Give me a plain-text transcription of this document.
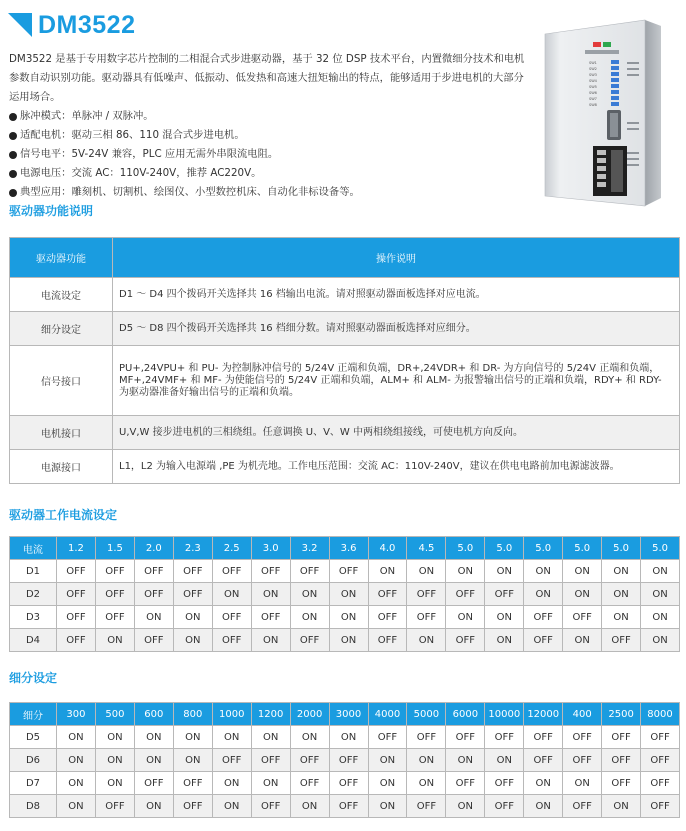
DM3522

DM3522 是基于专用数字芯片控制的二相混合式步进驱动器，基于 32 位 DSP 技术平台，内置微细分技术和电机参数自动识别功能。驱动器具有低噪声、低振动、低发热和高速大扭矩输出的特点，能够适用于步进电机的大部分运用场合。

脉冲模式：单脉冲 / 双脉冲。
适配电机：驱动三相 86、110 混合式步进电机。
信号电平：5V-24V 兼容，PLC 应用无需外串限流电阻。
电源电压：交流 AC：110V-240V，推荐 AC220V。
典型应用：雕刻机、切割机、绘图仪、小型数控机床、自动化非标设备等。
SW1
SW2
SW3
SW4
SW5
SW6
SW7
SW8
驱动器功能说明
驱动器功能	操作说明
电流设定	D1 ～ D4 四个拨码开关选择共 16 档输出电流。请对照驱动器面板选择对应电流。
细分设定	D5 ～ D8 四个拨码开关选择共 16 档细分数。请对照驱动器面板选择对应细分。
信号接口	PU+,24VPU+ 和 PU- 为控制脉冲信号的 5/24V 正端和负端，DR+,24VDR+ 和 DR- 为方向信号的 5/24V 正端和负端，MF+,24VMF+ 和 MF- 为使能信号的 5/24V 正端和负端，ALM+ 和 ALM- 为报警输出信号的正端和负端，RDY+ 和 RDY- 为驱动器准备好输出信号的正端和负端。
电机接口	U,V,W 接步进电机的三相绕组。任意调换 U、V、W 中两相绕组接线，可使电机方向反向。
电源接口	L1，L2 为输入电源端 ,PE 为机壳地。工作电压范围：交流 AC：110V-240V，建议在供电电路前加电源滤波器。
驱动器工作电流设定
电流	1.2	1.5	2.0	2.3	2.5	3.0	3.2	3.6	4.0	4.5	5.0	5.0	5.0	5.0	5.0	5.0
D1	OFF	OFF	OFF	OFF	OFF	OFF	OFF	OFF	ON	ON	ON	ON	ON	ON	ON	ON
D2	OFF	OFF	OFF	OFF	ON	ON	ON	ON	OFF	OFF	OFF	OFF	ON	ON	ON	ON
D3	OFF	OFF	ON	ON	OFF	OFF	ON	ON	OFF	OFF	ON	ON	OFF	OFF	ON	ON
D4	OFF	ON	OFF	ON	OFF	ON	OFF	ON	OFF	ON	OFF	ON	OFF	ON	OFF	ON
细分设定
细分	300	500	600	800	1000	1200	2000	3000	4000	5000	6000	10000	12000	400	2500	8000
D5	ON	ON	ON	ON	ON	ON	ON	ON	OFF	OFF	OFF	OFF	OFF	OFF	OFF	OFF
D6	ON	ON	ON	ON	OFF	OFF	OFF	OFF	ON	ON	ON	ON	OFF	OFF	OFF	OFF
D7	ON	ON	OFF	OFF	ON	ON	OFF	OFF	ON	ON	OFF	OFF	ON	ON	OFF	OFF
D8	ON	OFF	ON	OFF	ON	OFF	ON	OFF	ON	OFF	ON	OFF	ON	OFF	ON	OFF
